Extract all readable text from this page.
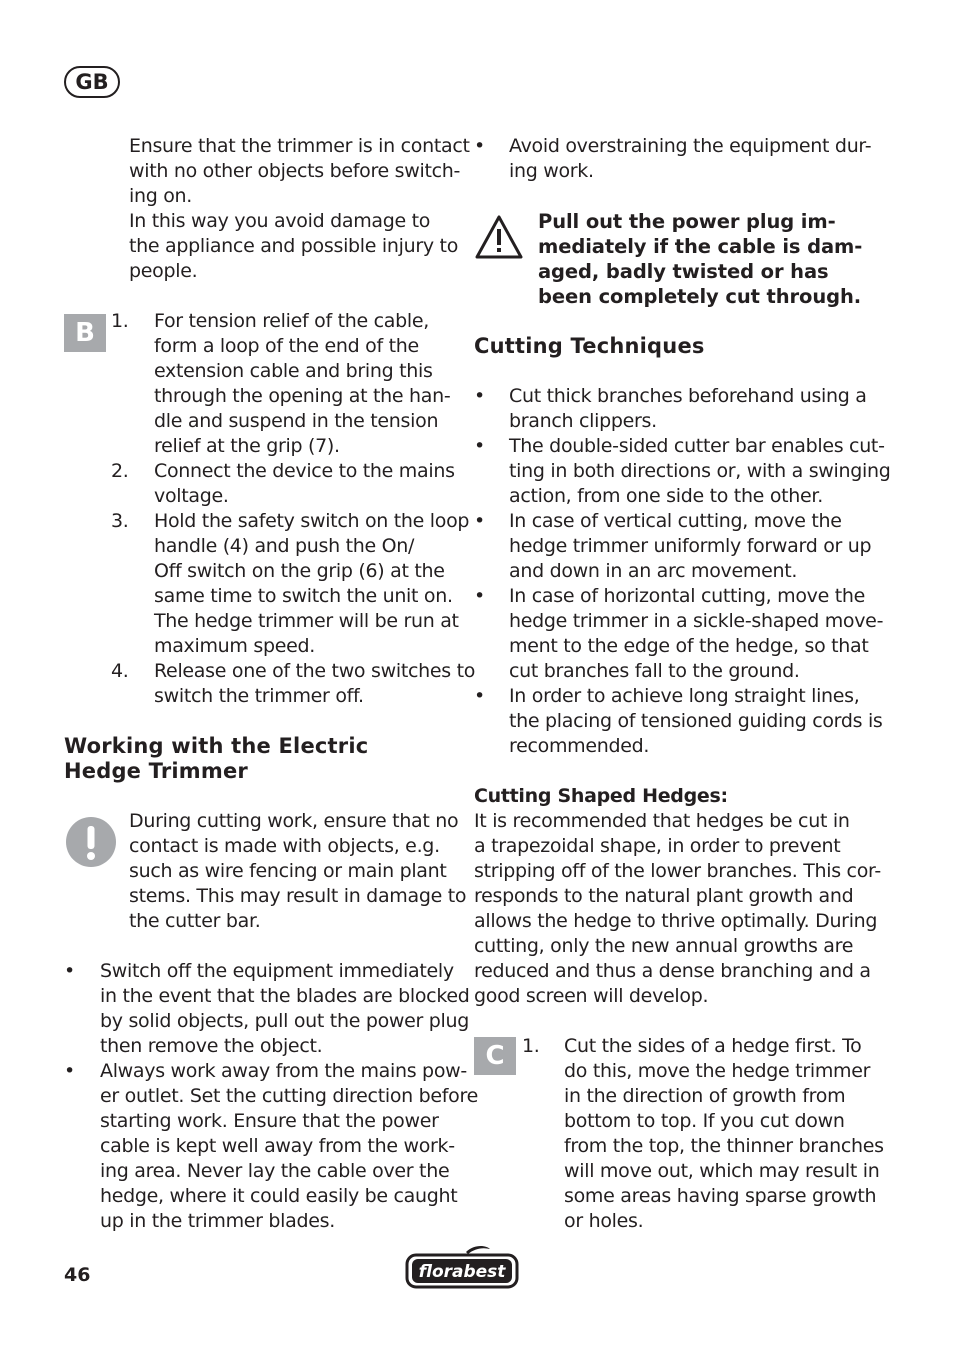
GB
Ensure that the trimmer is in contact
with no other objects before switch-
ing on.
In this way you avoid damage to
the appliance and possible injury to
people.
B 1. For tension relief of the cable,
form a loop of the end of the
extension cable and bring this
through the opening at the han-
dle and suspend in the tension
relief at the grip (7).
2. Connect the device to the mains
voltage.
3. Hold the safety switch on the loop
handle (4) and push the On/
Off switch on the grip (6) at the
same time to switch the unit on.
The hedge trimmer will be run at
maximum speed.
4. Release one of the two switches to
switch the trimmer off.
Working with the Electric
Hedge Trimmer
During cutting work, ensure that no
contact is made with objects, e.g.
such as wire fencing or main plant
stems. This may result in damage to
the cutter bar.
• Switch off the equipment immediately
in the event that the blades are blocked
by solid objects, pull out the power plug
then remove the object.
• Always work away from the mains pow-
er outlet. Set the cutting direction before
starting work. Ensure that the power
cable is kept well away from the work-
ing area. Never lay the cable over the
hedge, where it could easily be caught
up in the trimmer blades.
• Avoid overstraining the equipment dur-
ing work.
Pull out the power plug im-
mediately if the cable is dam-
aged, badly twisted or has
been completely cut through.
Cutting Techniques
• Cut thick branches beforehand using a
branch clippers.
• The double-sided cutter bar enables cut-
ting in both directions or, with a swinging
action, from one side to the other.
• In case of vertical cutting, move the
hedge trimmer uniformly forward or up
and down in an arc movement.
• In case of horizontal cutting, move the
hedge trimmer in a sickle-shaped move-
ment to the edge of the hedge, so that
cut branches fall to the ground.
• In order to achieve long straight lines,
the placing of tensioned guiding cords is
recommended.
Cutting Shaped Hedges:
It is recommended that hedges be cut in
a trapezoidal shape, in order to prevent
stripping off of the lower branches. This cor-
responds to the natural plant growth and
allows the hedge to thrive optimally. During
cutting, only the new annual growths are
reduced and thus a dense branching and a
good screen will develop.
C 1. Cut the sides of a hedge first. To
do this, move the hedge trimmer
in the direction of growth from
bottom to top. If you cut down
from the top, the thinner branches
will move out, which may result in
some areas having sparse growth
or holes.
46	florabest
